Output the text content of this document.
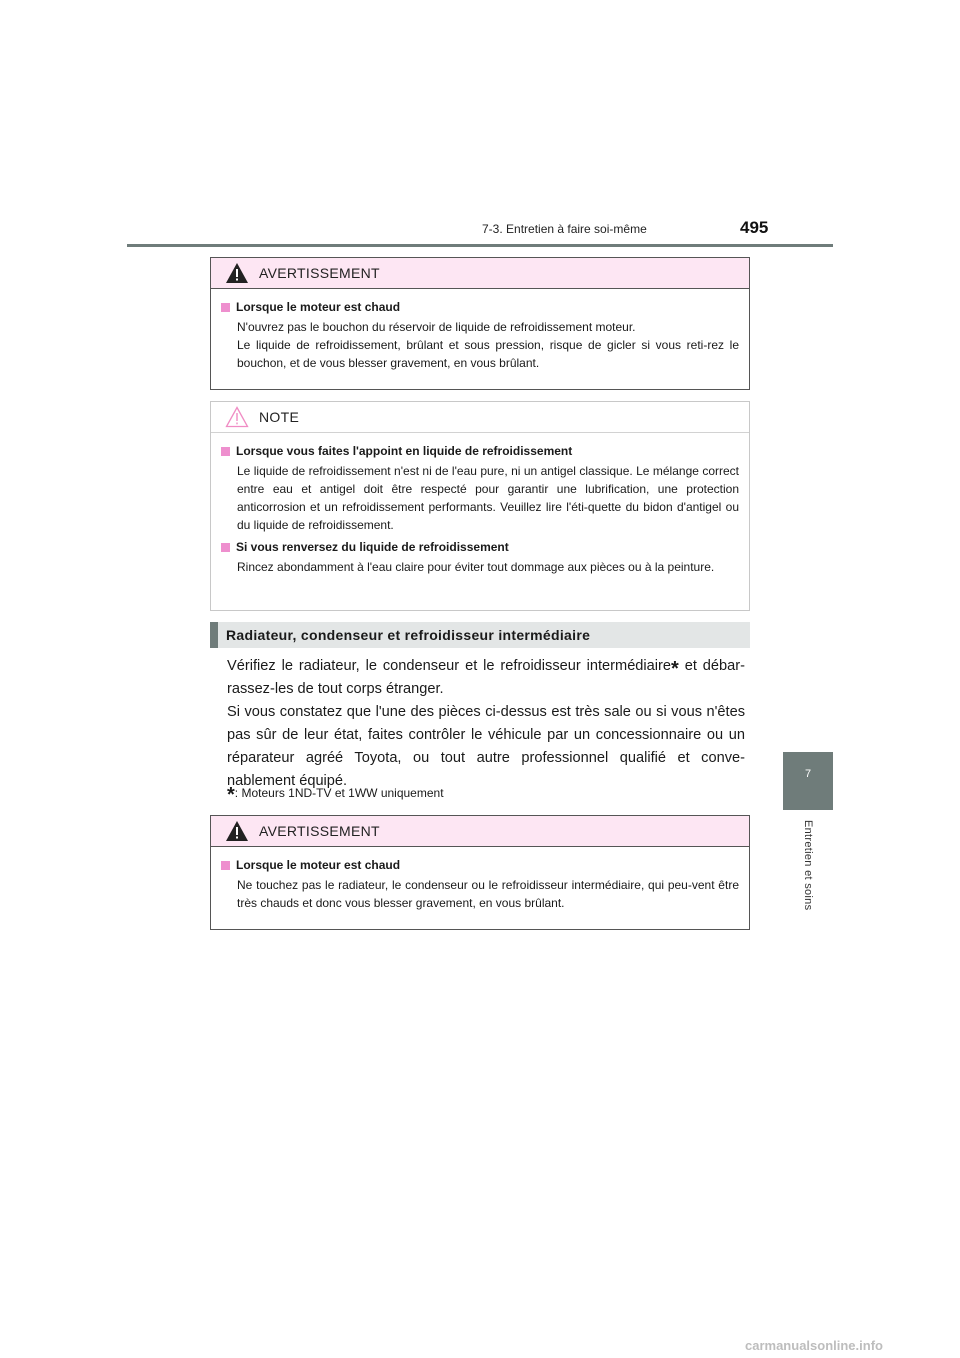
7-3. Entretien à faire soi-même	495
7
Entretien et soins
AVERTISSEMENT
Lorsque le moteur est chaud

N'ouvrez pas le bouchon du réservoir de liquide de refroidissement moteur.

Le liquide de refroidissement, brûlant et sous pression, risque de gicler si vous reti-rez le bouchon, et de vous blesser gravement, en vous brûlant.

NOTE
Lorsque vous faites l'appoint en liquide de refroidissement

Le liquide de refroidissement n'est ni de l'eau pure, ni un antigel classique. Le mélange correct entre eau et antigel doit être respecté pour garantir une lubrification, une protection anticorrosion et un refroidissement performants. Veuillez lire l'éti-quette du bidon d'antigel ou du liquide de refroidissement.

Si vous renversez du liquide de refroidissement

Rincez abondamment à l'eau claire pour éviter tout dommage aux pièces ou à la peinture.

Radiateur, condenseur et refroidisseur intermédiaire

Vérifiez le radiateur, le condenseur et le refroidisseur intermédiaire* et débar-rassez-les de tout corps étranger.

Si vous constatez que l'une des pièces ci-dessus est très sale ou si vous n'êtes pas sûr de leur état, faites contrôler le véhicule par un concessionnaire ou un réparateur agréé Toyota, ou tout autre professionnel qualifié et conve-nablement équipé.

*: Moteurs 1ND-TV et 1WW uniquement
AVERTISSEMENT
Lorsque le moteur est chaud

Ne touchez pas le radiateur, le condenseur ou le refroidisseur intermédiaire, qui peu-vent être très chauds et donc vous blesser gravement, en vous brûlant.

carmanualsonline.info
